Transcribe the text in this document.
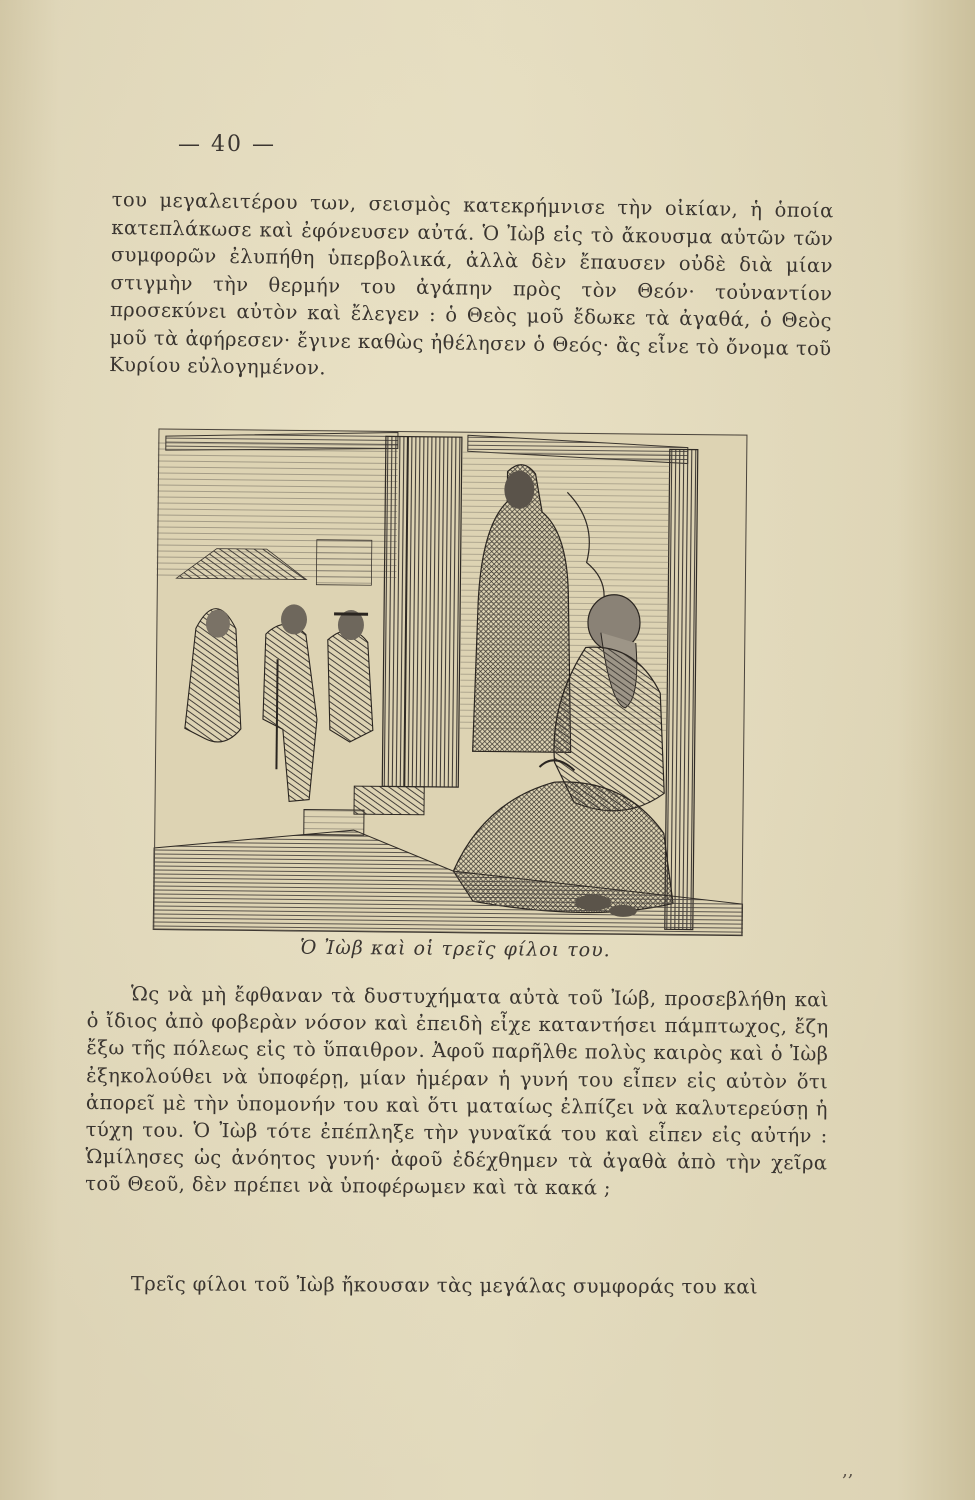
— 40 —
του μεγαλειτέρου των, σεισμὸς κατεκρήμνισε τὴν οἰκίαν, ἡ ὁποία κατεπλάκωσε καὶ ἐφόνευσεν αὐτά. Ὁ Ἰὼβ εἰς τὸ ἄκουσμα αὐτῶν τῶν συμφορῶν ἐλυπήθη ὑπερβολικά, ἀλλὰ δὲν ἔπαυσεν οὐδὲ διὰ μίαν στιγμὴν τὴν θερμήν του ἀγάπην πρὸς τὸν Θεόν· τοὐναντίον προσεκύνει αὐτὸν καὶ ἔλεγεν : ὁ Θεὸς μοῦ ἔδωκε τὰ ἀγαθά, ὁ Θεὸς μοῦ τὰ ἀφήρεσεν· ἔγινε καθὼς ἠθέλησεν ὁ Θεός· ἂς εἶνε τὸ ὄνομα τοῦ Κυρίου εὐλογημένον.
Ὁ Ἰὼβ καὶ οἱ τρεῖς φίλοι του.
Ὡς νὰ μὴ ἔφθαναν τὰ δυστυχήματα αὐτὰ τοῦ Ἰώβ, προσεβλήθη καὶ ὁ ἴδιος ἀπὸ φοβερὰν νόσον καὶ ἐπειδὴ εἶχε καταντήσει πάμπτωχος, ἔζη ἔξω τῆς πόλεως εἰς τὸ ὕπαιθρον. Ἀφοῦ παρῆλθε πολὺς καιρὸς καὶ ὁ Ἰὼβ ἐξηκολούθει νὰ ὑποφέρῃ, μίαν ἡμέραν ἡ γυνή του εἶπεν εἰς αὐτὸν ὅτι ἀπορεῖ μὲ τὴν ὑπομονήν του καὶ ὅτι ματαίως ἐλπίζει νὰ καλυτερεύσῃ ἡ τύχη του. Ὁ Ἰὼβ τότε ἐπέπληξε τὴν γυναῖκά του καὶ εἶπεν εἰς αὐτήν : Ὡμίλησες ὡς ἀνόητος γυνή· ἀφοῦ ἐδέχθημεν τὰ ἀγαθὰ ἀπὸ τὴν χεῖρα τοῦ Θεοῦ, δὲν πρέπει νὰ ὑποφέρωμεν καὶ τὰ κακά ;
Τρεῖς φίλοι τοῦ Ἰὼβ ἤκουσαν τὰς μεγάλας συμφοράς του καὶ
‚‚
